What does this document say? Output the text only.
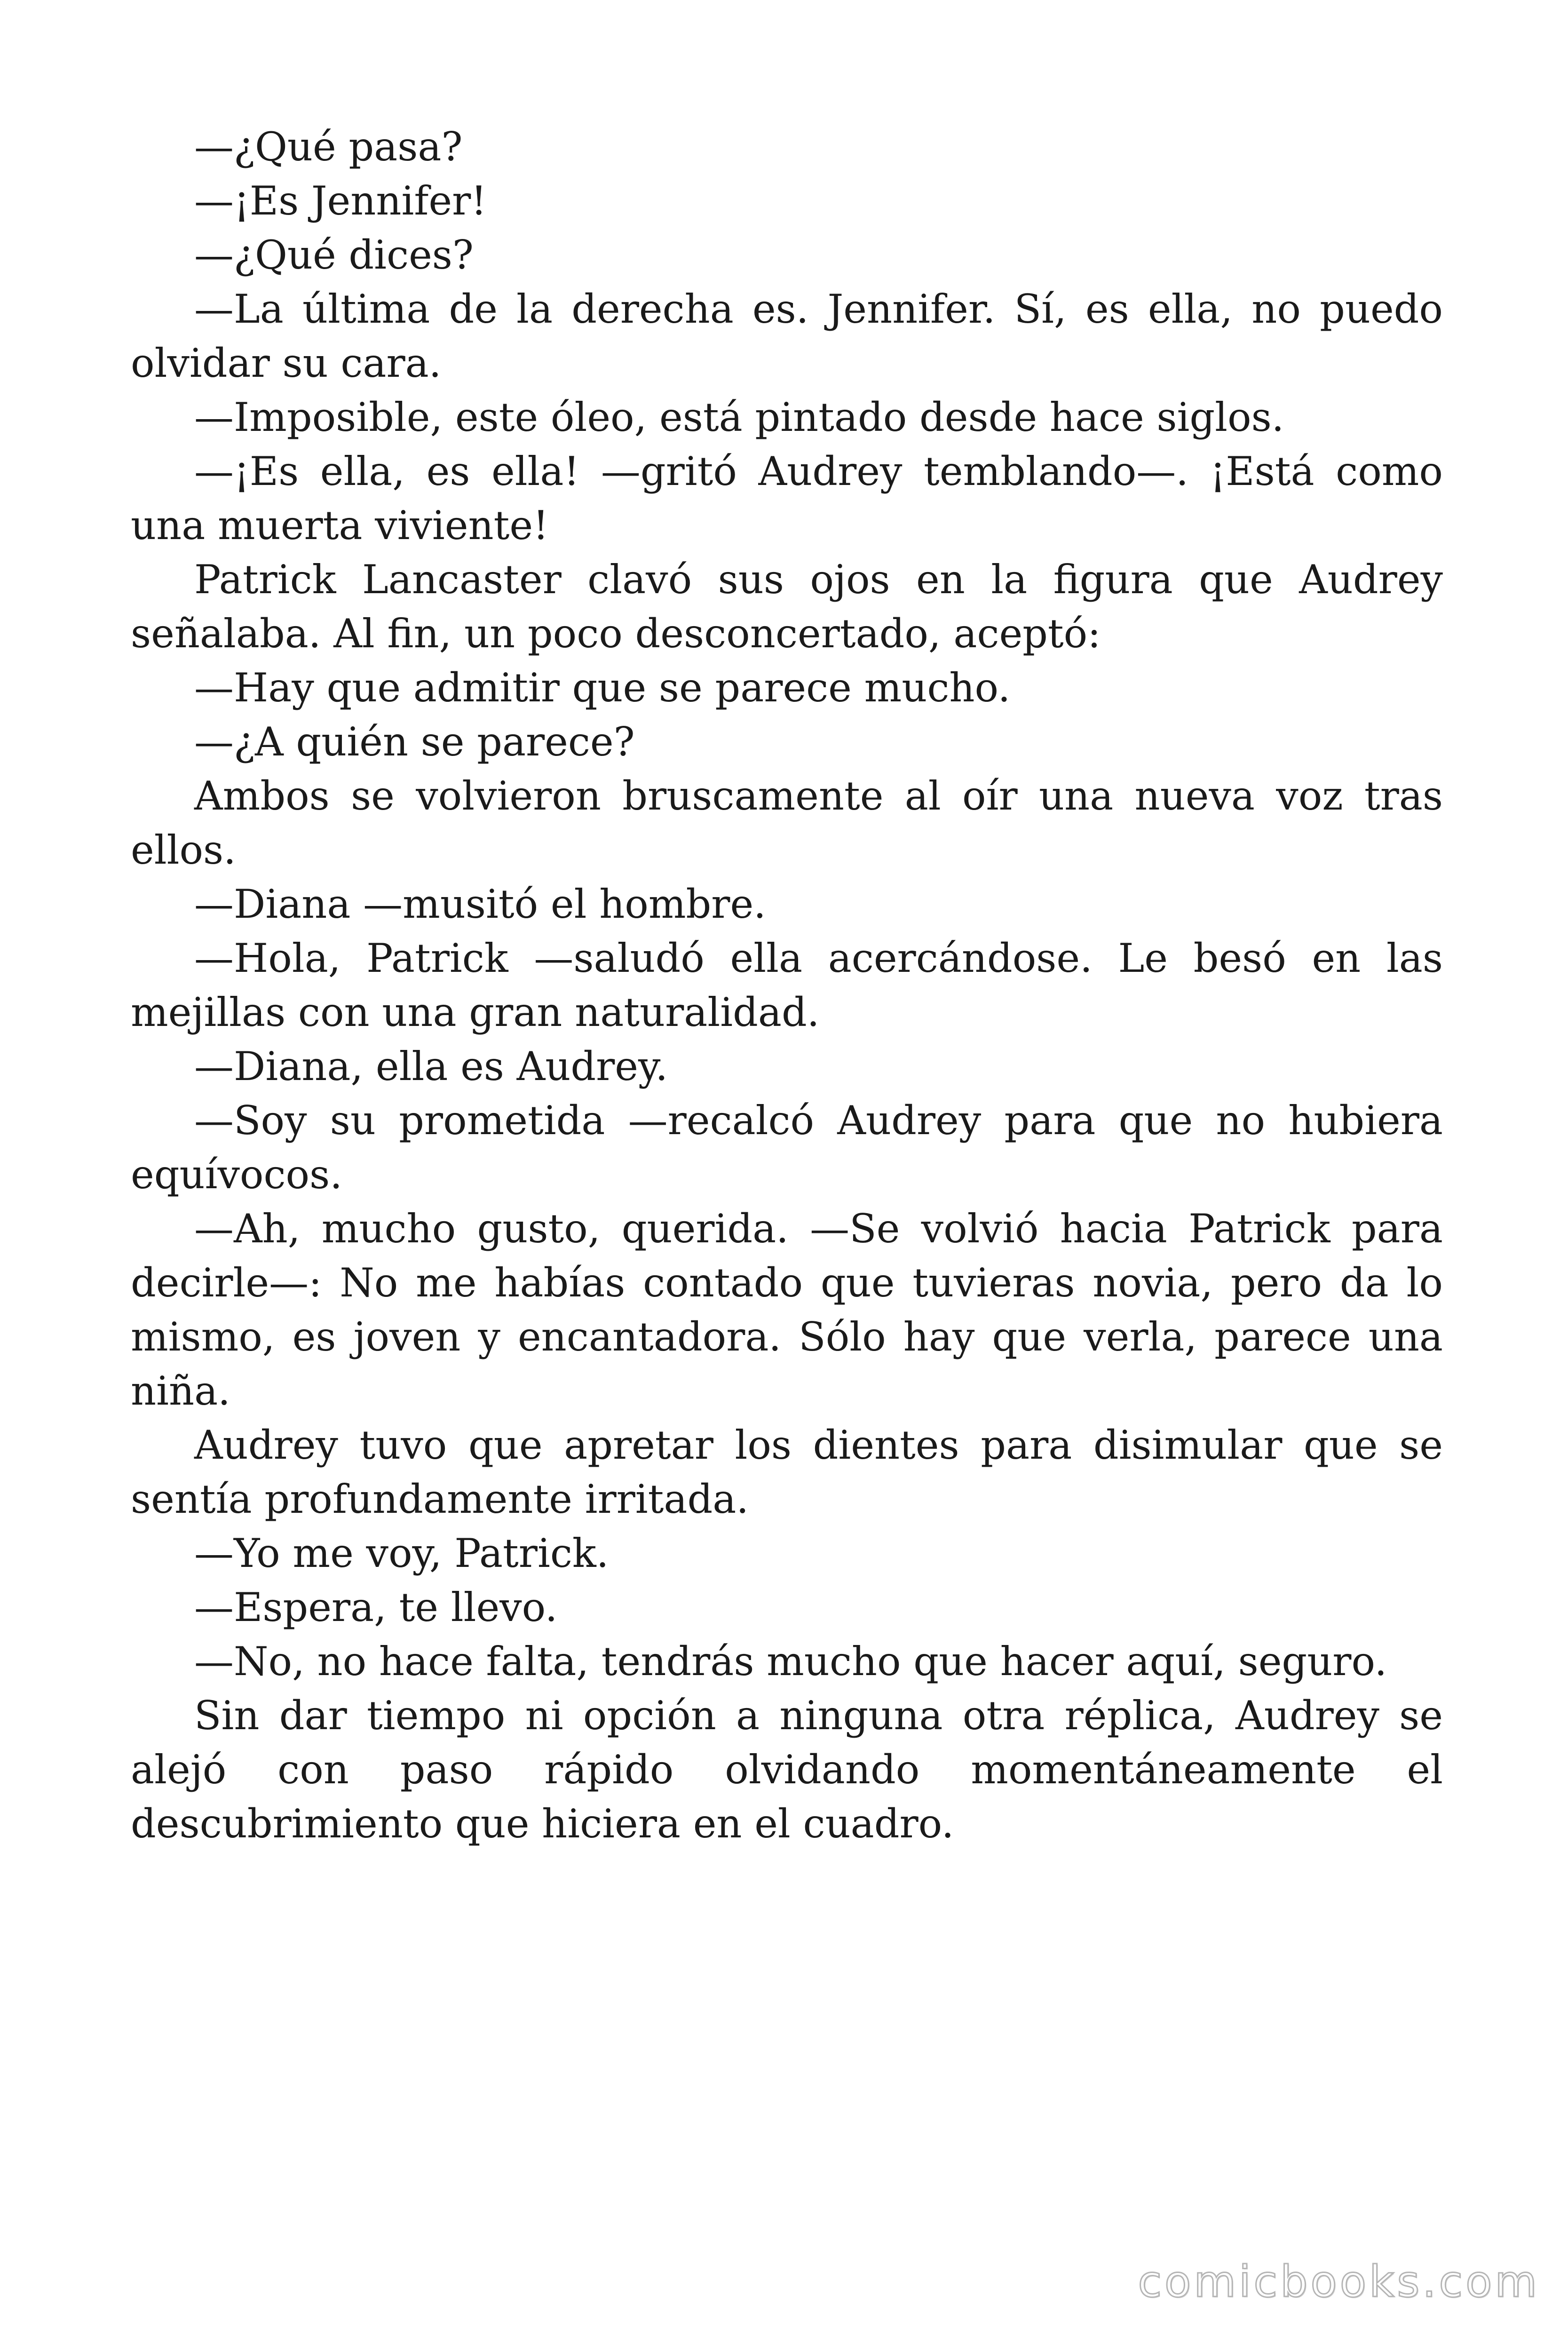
—¿Qué pasa?

—¡Es Jennifer!

—¿Qué dices?

—La última de la derecha es. Jennifer. Sí, es ella, no puedo olvidar su cara.

—Imposible, este óleo, está pintado desde hace siglos.

—¡Es ella, es ella! —gritó Audrey temblando—. ¡Está como una muerta viviente!

Patrick Lancaster clavó sus ojos en la figura que Audrey señalaba. Al fin, un poco desconcertado, aceptó:

—Hay que admitir que se parece mucho.

—¿A quién se parece?

Ambos se volvieron bruscamente al oír una nueva voz tras ellos.

—Diana —musitó el hombre.

—Hola, Patrick —saludó ella acercándose. Le besó en las mejillas con una gran naturalidad.

—Diana, ella es Audrey.

—Soy su prometida —recalcó Audrey para que no hubiera equívocos.

—Ah, mucho gusto, querida. —Se volvió hacia Patrick para decirle—: No me habías contado que tuvieras novia, pero da lo mismo, es joven y encantadora. Sólo hay que verla, parece una niña.

Audrey tuvo que apretar los dientes para disimular que se sentía profundamente irritada.

—Yo me voy, Patrick.

—Espera, te llevo.

—No, no hace falta, tendrás mucho que hacer aquí, seguro.

Sin dar tiempo ni opción a ninguna otra réplica, Audrey se alejó con paso rápido olvidando momentáneamente el descubrimiento que hiciera en el cuadro.

comicbooks.com
